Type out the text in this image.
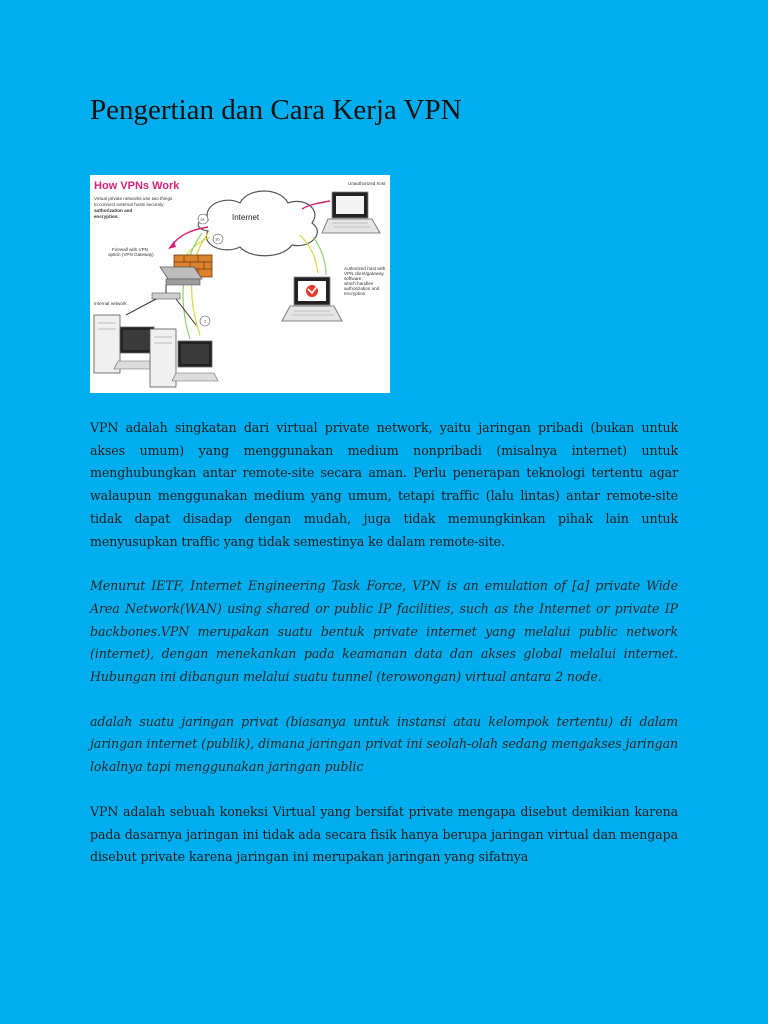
Pengertian dan Cara Kerja VPN
How VPNs Work
Virtual private networks use two things
to connect external hosts securely:
authorization and
encryption.	Internet
1a
1b
2
Unauthorized host
Authorized host with
VPN client/gateway
software,
which handles
authorization and
encryption
Firewall with VPN
option (VPN Gateway)
Internal network

VPN adalah singkatan dari virtual private network, yaitu jaringan pribadi (bukan untuk akses umum) yang menggunakan medium nonpribadi (misalnya internet) untuk menghubungkan antar remote-site secara aman. Perlu penerapan teknologi tertentu agar walaupun menggunakan medium yang umum, tetapi traffic (lalu lintas) antar remote-site tidak dapat disadap dengan mudah, juga tidak memungkinkan pihak lain untuk menyusupkan traffic yang tidak semestinya ke dalam remote-site.

Menurut IETF, Internet Engineering Task Force, VPN is an emulation of [a] private Wide Area Network(WAN) using shared or public IP facilities, such as the Internet or private IP backbones.VPN merupakan suatu bentuk private internet yang melalui public network (internet), dengan menekankan pada keamanan data dan akses global melalui internet. Hubungan ini dibangun melalui suatu tunnel (terowongan) virtual antara 2 node.

adalah suatu jaringan privat (biasanya untuk instansi atau kelompok tertentu) di dalam jaringan internet (publik), dimana jaringan privat ini seolah-olah sedang mengakses jaringan lokalnya tapi menggunakan jaringan public

VPN adalah sebuah koneksi Virtual yang bersifat private mengapa disebut demikian karena pada dasarnya jaringan ini tidak ada secara fisik hanya berupa jaringan virtual dan mengapa disebut private karena jaringan ini merupakan jaringan yang sifatnya
